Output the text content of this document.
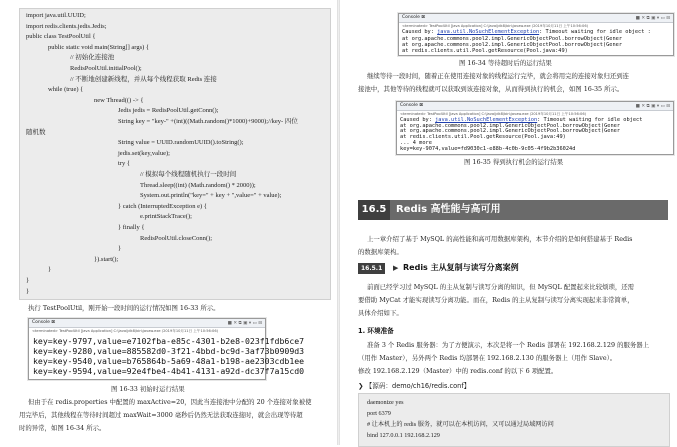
import java.util.UUID;
import redis.clients.jedis.Jedis;
public class TestPoolUtil {
public static void main(String[] args) {
// 初始化连接池
RedisPoolUtil.initialPool();
// 不断地创建新线程，并从每个线程获取 Redis 连接
while (true) {
new Thread(() -> {
Jedis jedis = RedisPoolUtil.getConn();
String key = "key-" +(int)((Math.random()*1000)+9000);//key- 四位
随机数
String value = UUID.randomUUID().toString();
jedis.set(key,value);
try {
// 模拟每个线程随机执行一段时间
Thread.sleep((int) (Math.random() * 2000));
System.out.println("key=" + key + ",value=" + value);
} catch (InterruptedException e) {
e.printStackTrace();
} finally {
RedisPoolUtil.closeConn();
}
}).start();
}
}
}
执行 TestPoolUtil，刚开始一段时间的运行情况如图 16-33 所示。
Console ⊠	■ ✕ ⧉ ▣ ▾ ▭ ⊟
<terminated> TestPoolUtil [Java Application] C:\Java\jdk8\bin\javaw.exe (2019年10月11日 上午10:56:06)
key=key-9797,value=e7102fba-e85c-4301-b2e8-023f1fdb6ce7
key=key-9280,value=885582d0-3f21-4bbd-bc9d-3af73b0909d3
key=key-9540,value=b765864b-5a69-48a1-b198-ae2303cdb1ee
key=key-9594,value=92e4fbe4-4b41-4131-a92d-dc37f7a15cd0
图 16-33 初始时运行结果
但由于在 redis.properties 中配置的 maxActive=20，因此当连接池中分配的 20 个连接对象被使
用完毕后，其他线程在等待时间超过 maxWait=3000 毫秒后仍然无法获取连接时，就会出现等待超
时的异常，如图 16-34 所示。
Console ⊠	■ ✕ ⧉ ▣ ▾ ▭ ⊟
<terminated> TestPoolUtil [Java Application] C:\Java\jdk8\bin\javaw.exe (2019年10月11日 上午10:56:06)
Caused by: java.util.NoSuchElementException: Timeout waiting for idle object :
at org.apache.commons.pool2.impl.GenericObjectPool.borrowObject(Gener
at org.apache.commons.pool2.impl.GenericObjectPool.borrowObject(Gener
at redis.clients.util.Pool.getResource(Pool.java:49)
图 16-34 等待超时后的运行结果
继续等待一段时间，随着正在使用连接对象的线程运行完毕，就会将用完的连接对象归还到连
接池中，其他等待的线程就可以获取到该连接对象，从而得到执行的机会，如图 16-35 所示。
Console ⊠	■ ✕ ⧉ ▣ ▾ ▭ ⊟
<terminated> TestPoolUtil [Java Application] C:\Java\jdk8\bin\javaw.exe (2019年10月11日 上午10:56:06)
Caused by: java.util.NoSuchElementException: Timeout waiting for idle object
at org.apache.commons.pool2.impl.GenericObjectPool.borrowObject(Gener
at org.apache.commons.pool2.impl.GenericObjectPool.borrowObject(Gener
at redis.clients.util.Pool.getResource(Pool.java:49)
... 4 more
key=key-9074,value=fd9030c1-e88b-4c0b-9c05-4f9b2b36024d
图 16-35 得到执行机会的运行结果
16.5 Redis 高性能与高可用
上一章介绍了基于 MySQL 的高性能和高可用数据库架构，本节介绍的是如何搭建基于 Redis
的数据库架构。
16.5.1	▶ Redis 主从复制与读写分离案例
前面已经学习过 MySQL 的主从复制与读写分离的知识，但 MySQL 配置起来比较烦琐，还需
要借助 MyCat 才能实现读写分离功能。而在，Redis 的主从复制与读写分离实现起来非常简单，
具体介绍如下。
1. 环境准备
准备 3 个 Redis 服务器：为了方便演示，本次是将一个 Redis 部署在 192.168.2.129 的服务器上
（用作 Master），另外两个 Redis 均部署在 192.168.2.130 的服务器上（用作 Slave）。
修改 192.168.2.129（Master）中的 redis.conf 的以下 6 项配置。
❯ 【源码：demo/ch16/redis.conf】
daemonize yes
port 6379
# 让本机上的 redis 服务，就可以在本机访问，又可以通过局域网访问
bind 127.0.0.1 192.168.2.129
